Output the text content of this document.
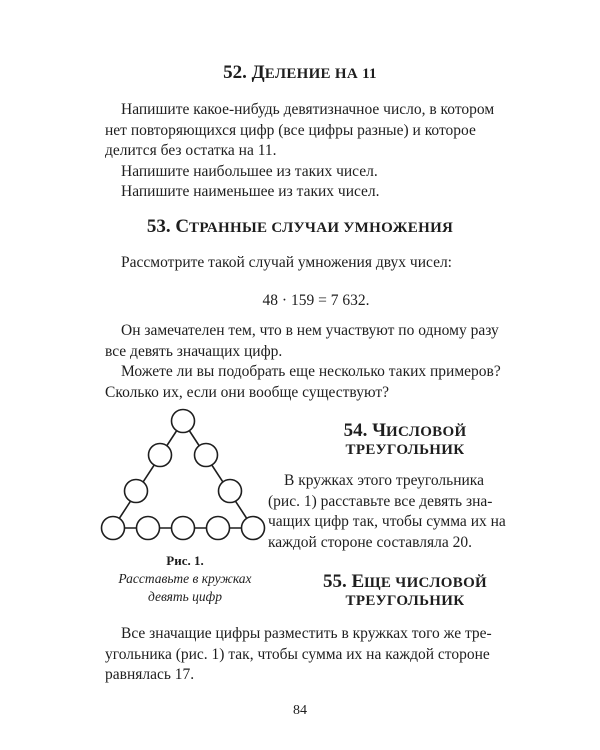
52. ДЕЛЕНИЕ НА 11
Напишите какое-нибудь девятизначное число, в котором
нет повторяющихся цифр (все цифры разные) и которое
делится без остатка на 11.
Напишите наибольшее из таких чисел.
Напишите наименьшее из таких чисел.
53. СТРАННЫЕ СЛУЧАИ УМНОЖЕНИЯ
Рассмотрите такой случай умножения двух чисел:
48 · 159 = 7 632.
Он замечателен тем, что в нем участвуют по одному разу
все девять значащих цифр.
Можете ли вы подобрать еще несколько таких примеров?
Сколько их, если они вообще существуют?
Рис. 1.
Расставьте в кружках
девять цифр
54. ЧИСЛОВОЙ
ТРЕУГОЛЬНИК
В кружках этого треугольника
(рис. 1) расставьте все девять зна-
чащих цифр так, чтобы сумма их на
каждой стороне составляла 20.
55. ЕЩЕ ЧИСЛОВОЙ
ТРЕУГОЛЬНИК
Все значащие цифры разместить в кружках того же тре-
угольника (рис. 1) так, чтобы сумма их на каждой стороне
равнялась 17.
84
